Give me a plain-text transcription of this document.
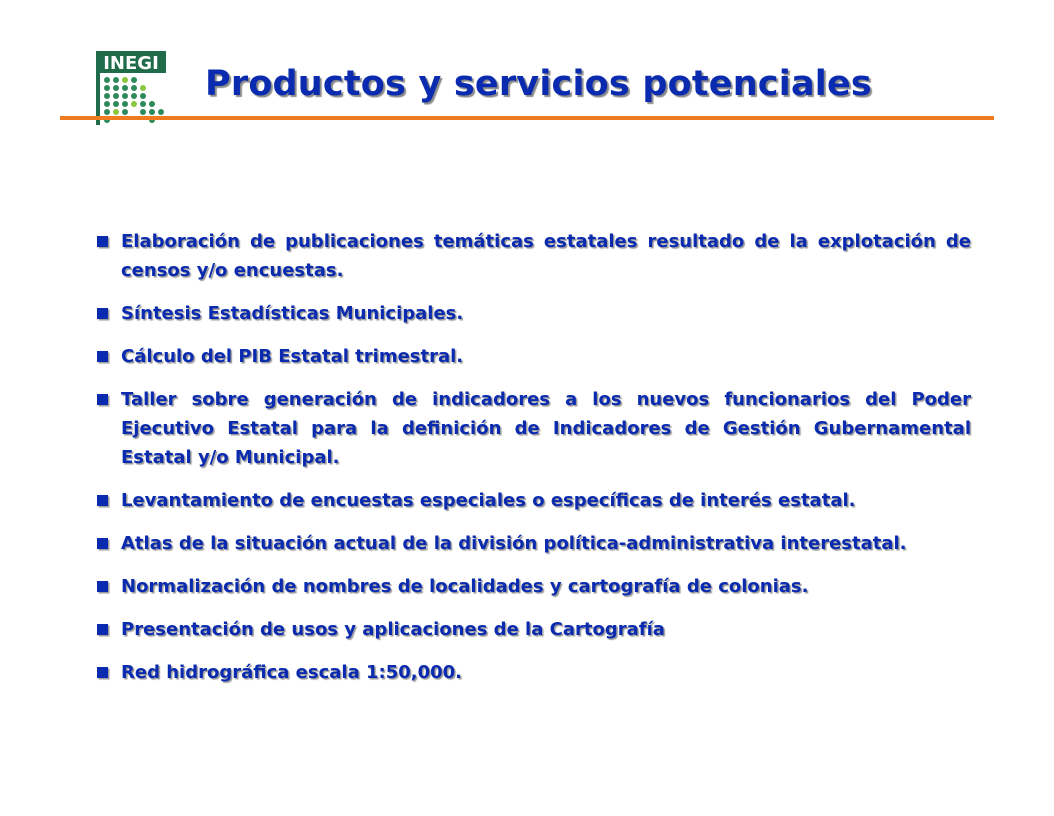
INEGI
Productos y servicios potenciales
Elaboración de publicaciones temáticas estatales resultado de la explotación de censos y/o encuestas.
Síntesis Estadísticas Municipales.
Cálculo del PIB Estatal trimestral.
Taller sobre generación de indicadores a los nuevos funcionarios del Poder Ejecutivo Estatal para la definición de Indicadores de Gestión Gubernamental Estatal y/o Municipal.
Levantamiento de encuestas especiales o específicas de interés estatal.
Atlas de la situación actual de la división política-administrativa interestatal.
Normalización de nombres de localidades y cartografía de colonias.
Presentación de usos y aplicaciones de la Cartografía
Red hidrográfica escala 1:50,000.
